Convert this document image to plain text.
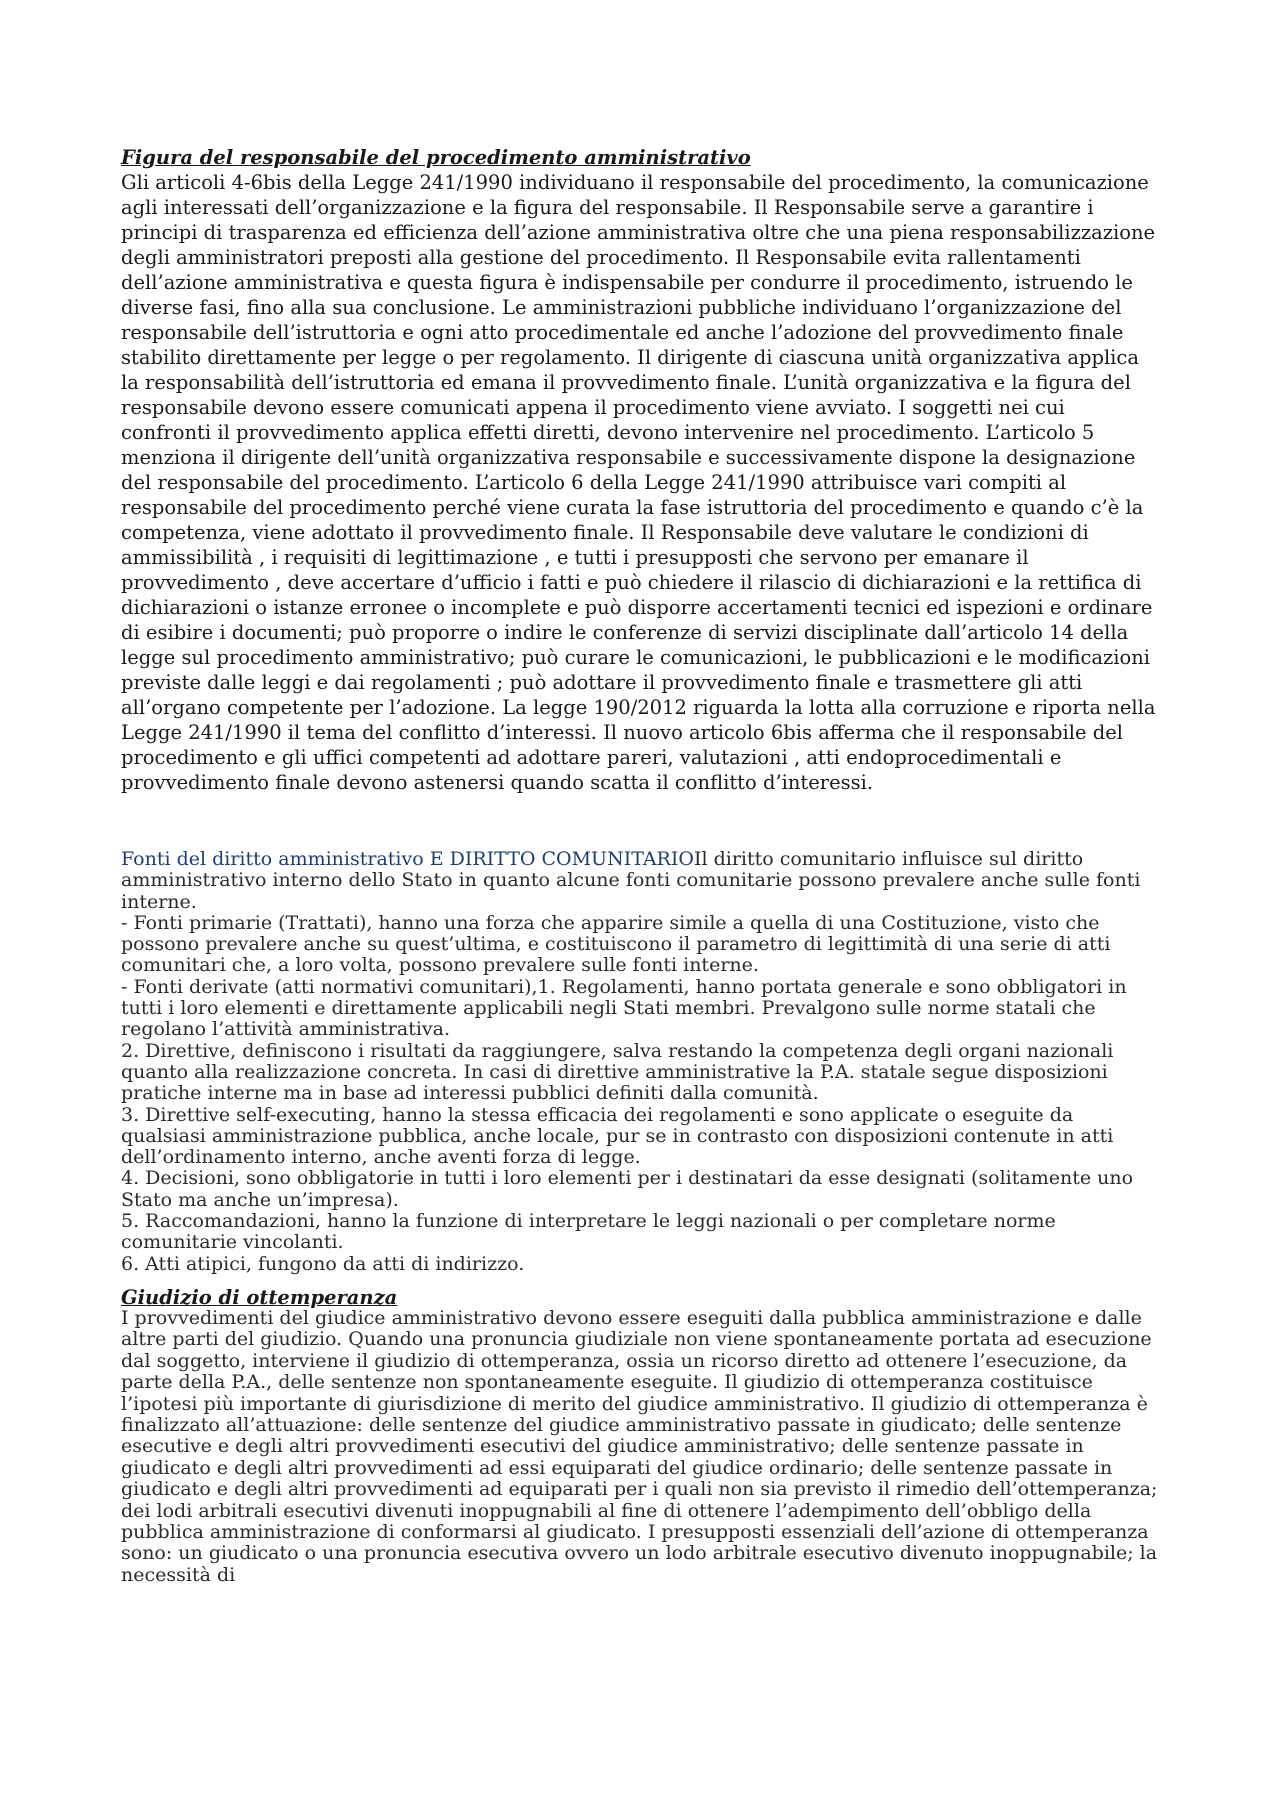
Figura del responsabile del procedimento amministrativo

Gli articoli 4-6bis della Legge 241/1990 individuano il responsabile del procedimento, la comunicazione agli interessati dell’organizzazione e la figura del responsabile. Il Responsabile serve a garantire i principi di trasparenza ed efficienza dell’azione amministrativa oltre che una piena responsabilizzazione degli amministratori preposti alla gestione del procedimento. Il Responsabile evita rallentamenti dell’azione amministrativa e questa figura è indispensabile per condurre il procedimento, istruendo le diverse fasi, fino alla sua conclusione. Le amministrazioni pubbliche individuano l’organizzazione del responsabile dell’istruttoria e ogni atto procedimentale ed anche l’adozione del provvedimento finale stabilito direttamente per legge o per regolamento. Il dirigente di ciascuna unità organizzativa applica la responsabilità dell’istruttoria ed emana il provvedimento finale. L’unità organizzativa e la figura del responsabile devono essere comunicati appena il procedimento viene avviato. I soggetti nei cui confronti il provvedimento applica effetti diretti, devono intervenire nel procedimento. L’articolo 5 menziona il dirigente dell’unità organizzativa responsabile e successivamente dispone la designazione del responsabile del procedimento. L’articolo 6 della Legge 241/1990 attribuisce vari compiti al responsabile del procedimento perché viene curata la fase istruttoria del procedimento e quando c’è la competenza, viene adottato il provvedimento finale. Il Responsabile deve valutare le condizioni di ammissibilità , i requisiti di legittimazione , e tutti i presupposti che servono per emanare il provvedimento , deve accertare d’ufficio i fatti e può chiedere il rilascio di dichiarazioni e la rettifica di dichiarazioni o istanze erronee o incomplete e può disporre accertamenti tecnici ed ispezioni e ordinare di esibire i documenti; può proporre o indire le conferenze di servizi disciplinate dall’articolo 14 della legge sul procedimento amministrativo; può curare le comunicazioni, le pubblicazioni e le modificazioni previste dalle leggi e dai regolamenti ; può adottare il provvedimento finale e trasmettere gli atti all’organo competente per l’adozione. La legge 190/2012 riguarda la lotta alla corruzione e riporta nella Legge 241/1990 il tema del conflitto d’interessi. Il nuovo articolo 6bis afferma che il responsabile del procedimento e gli uffici competenti ad adottare pareri, valutazioni , atti endoprocedimentali e provvedimento finale devono astenersi quando scatta il conflitto d’interessi.

Fonti del diritto amministrativo E DIRITTO COMUNITARIOIl diritto comunitario influisce sul diritto amministrativo interno dello Stato in quanto alcune fonti comunitarie possono prevalere anche sulle fonti interne.

- Fonti primarie (Trattati), hanno una forza che apparire simile a quella di una Costituzione, visto che possono prevalere anche su quest’ultima, e costituiscono il parametro di legittimità di una serie di atti comunitari che, a loro volta, possono prevalere sulle fonti interne.

- Fonti derivate (atti normativi comunitari),1. Regolamenti, hanno portata generale e sono obbligatori in tutti i loro elementi e direttamente applicabili negli Stati membri. Prevalgono sulle norme statali che regolano l’attività amministrativa.

2. Direttive, definiscono i risultati da raggiungere, salva restando la competenza degli organi nazionali quanto alla realizzazione concreta. In casi di direttive amministrative la P.A. statale segue disposizioni pratiche interne ma in base ad interessi pubblici definiti dalla comunità.

3. Direttive self-executing, hanno la stessa efficacia dei regolamenti e sono applicate o eseguite da qualsiasi amministrazione pubblica, anche locale, pur se in contrasto con disposizioni contenute in atti dell’ordinamento interno, anche aventi forza di legge.

4. Decisioni, sono obbligatorie in tutti i loro elementi per i destinatari da esse designati (solitamente uno Stato ma anche un’impresa).

5. Raccomandazioni, hanno la funzione di interpretare le leggi nazionali o per completare norme comunitarie vincolanti.

6. Atti atipici, fungono da atti di indirizzo.

Giudizio di ottemperanza

I provvedimenti del giudice amministrativo devono essere eseguiti dalla pubblica amministrazione e dalle altre parti del giudizio. Quando una pronuncia giudiziale non viene spontaneamente portata ad esecuzione dal soggetto, interviene il giudizio di ottemperanza, ossia un ricorso diretto ad ottenere l’esecuzione, da parte della P.A., delle sentenze non spontaneamente eseguite. Il giudizio di ottemperanza costituisce l’ipotesi più importante di giurisdizione di merito del giudice amministrativo. Il giudizio di ottemperanza è finalizzato all’attuazione: delle sentenze del giudice amministrativo passate in giudicato; delle sentenze esecutive e degli altri provvedimenti esecutivi del giudice amministrativo; delle sentenze passate in giudicato e degli altri provvedimenti ad essi equiparati del giudice ordinario; delle sentenze passate in giudicato e degli altri provvedimenti ad equiparati per i quali non sia previsto il rimedio dell’ottemperanza; dei lodi arbitrali esecutivi divenuti inoppugnabili al fine di ottenere l’adempimento dell’obbligo della pubblica amministrazione di conformarsi al giudicato. I presupposti essenziali dell’azione di ottemperanza sono: un giudicato o una pronuncia esecutiva ovvero un lodo arbitrale esecutivo divenuto inoppugnabile; la necessità di
